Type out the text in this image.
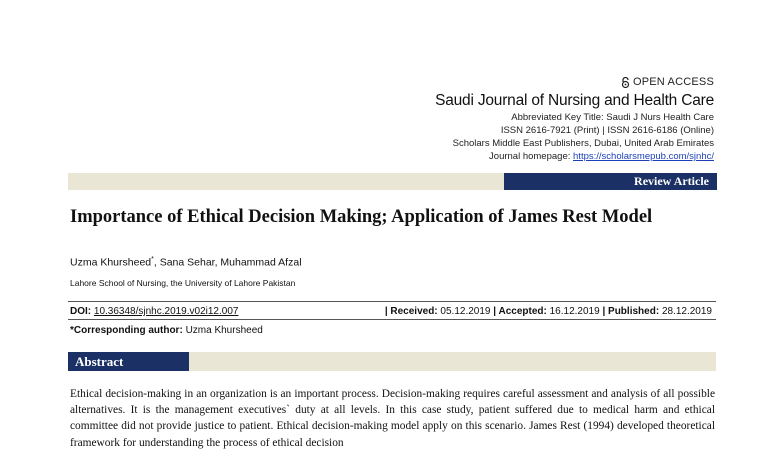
OPEN ACCESS
Saudi Journal of Nursing and Health Care
Abbreviated Key Title: Saudi J Nurs Health Care
ISSN 2616-7921 (Print) | ISSN 2616-6186 (Online)
Scholars Middle East Publishers, Dubai, United Arab Emirates
Journal homepage: https://scholarsmepub.com/sjnhc/
Review Article
Importance of Ethical Decision Making; Application of James Rest Model
Uzma Khursheed*, Sana Sehar, Muhammad Afzal
Lahore School of Nursing, the University of Lahore Pakistan
DOI: 10.36348/sjnhc.2019.v02i12.007	| Received: 05.12.2019 | Accepted: 16.12.2019 | Published: 28.12.2019
*Corresponding author: Uzma Khursheed
Abstract
Ethical decision-making in an organization is an important process. Decision-making requires careful assessment and analysis of all possible alternatives. It is the management executives` duty at all levels. In this case study, patient suffered due to medical harm and ethical committee did not provide justice to patient. Ethical decision-making model apply on this scenario. James Rest (1994) developed theoretical framework for understanding the process of ethical decision
